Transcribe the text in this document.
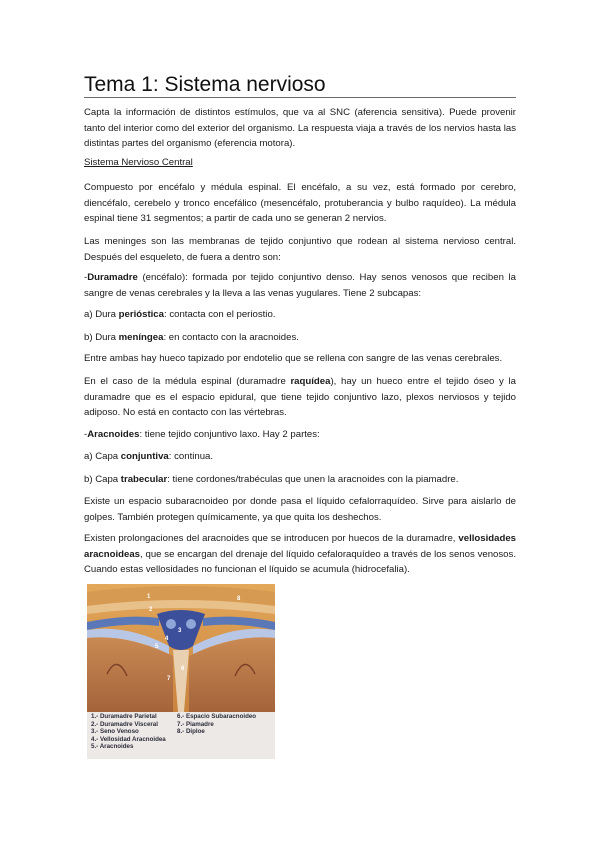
Tema 1: Sistema nervioso

Capta la información de distintos estímulos, que va al SNC (aferencia sensitiva). Puede provenir tanto del interior como del exterior del organismo. La respuesta viaja a través de los nervios hasta las distintas partes del organismo (eferencia motora).

Sistema Nervioso Central

Compuesto por encéfalo y médula espinal. El encéfalo, a su vez, está formado por cerebro, diencéfalo, cerebelo y tronco encefálico (mesencéfalo, protuberancia y bulbo raquídeo). La médula espinal tiene 31 segmentos; a partir de cada uno se generan 2 nervios.

Las meninges son las membranas de tejido conjuntivo que rodean al sistema nervioso central. Después del esqueleto, de fuera a dentro son:

-Duramadre (encéfalo): formada por tejido conjuntivo denso. Hay senos venosos que reciben la sangre de venas cerebrales y la lleva a las venas yugulares. Tiene 2 subcapas:

a) Dura perióstica: contacta con el periostio.

b) Dura meníngea: en contacto con la aracnoides.

Entre ambas hay hueco tapizado por endotelio que se rellena con sangre de las venas cerebrales.

En el caso de la médula espinal (duramadre raquídea), hay un hueco entre el tejido óseo y la duramadre que es el espacio epidural, que tiene tejido conjuntivo lazo, plexos nerviosos y tejido adiposo. No está en contacto con las vértebras.

-Aracnoides: tiene tejido conjuntivo laxo. Hay 2 partes:

a) Capa conjuntiva: continua.

b) Capa trabecular: tiene cordones/trabéculas que unen la aracnoides con la piamadre.

Existe un espacio subaracnoideo por donde pasa el líquido cefalorraquídeo. Sirve para aislarlo de golpes. También protegen químicamente, ya que quita los deshechos.

Existen prolongaciones del aracnoides que se introducen por huecos de la duramadre, vellosidades aracnoideas, que se encargan del drenaje del líquido cefaloraquídeo a través de los senos venosos. Cuando estas vellosidades no funcionan el líquido se acumula (hidrocefalia).

1
2
3
4
5
6
7
8
1.- Duramadre Parietal
2.- Duramadre Visceral
3.- Seno Venoso
4.- Vellosidad Aracnoidea
5.- Aracnoides
6.- Espacio Subaracnoideo
7.- Piamadre
8.- Diploe
